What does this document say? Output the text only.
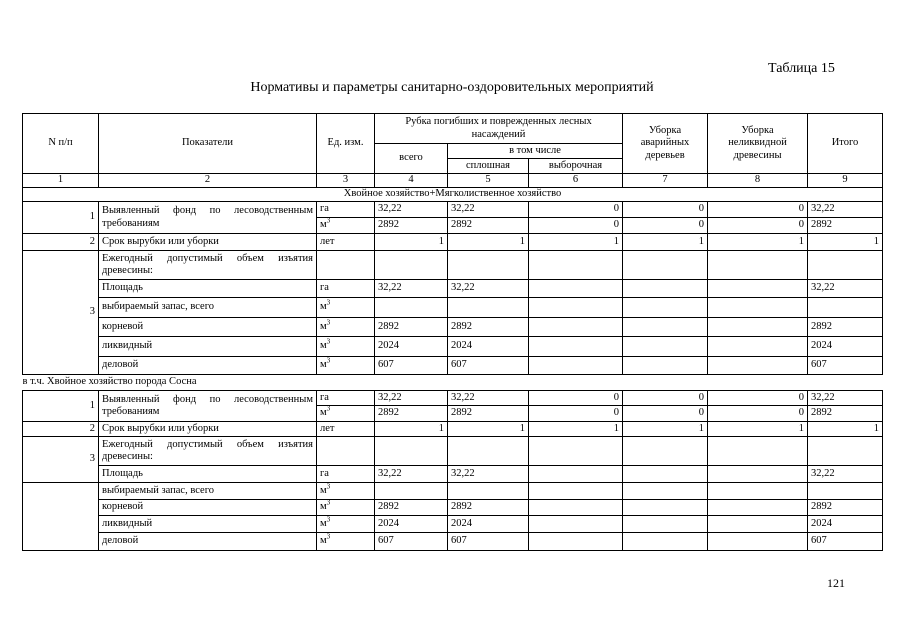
Таблица 15
Нормативы и параметры санитарно-оздоровительных мероприятий
N п/п	Показатели	Ед. изм.	Рубка погибших и поврежденных лесных насаждений			Уборка аварийных деревьев	Уборка неликвидной древесины	Итого
			всего	в том числе				
				сплошная	выборочная			
1	2	3	4	5	6	7	8	9
Хвойное хозяйство+Мягколиственное хозяйство								
1	Выявленный фонд по лесоводственным требованиям	га	32,22	32,22	0	0	0	32,22
		$м^3$	2892	2892	0	0	0	2892
2	Срок вырубки или уборки	лет	1	1	1	1	1	1
3	Ежегодный допустимый объем изъятия древесины:							
	Площадь	га	32,22	32,22				32,22
	выбираемый запас, всего	$м^3$						
	корневой	$м^3$	2892	2892				2892
	ликвидный	$м^3$	2024	2024				2024
	деловой	$м^3$	607	607				607
в т.ч. Хвойное хозяйство порода Сосна								
1	Выявленный фонд по лесоводственным требованиям	га	32,22	32,22	0	0	0	32,22
		$м^3$	2892	2892	0	0	0	2892
2	Срок вырубки или уборки	лет	1	1	1	1	1	1
3	Ежегодный допустимый объем изъятия древесины:							
	Площадь	га	32,22	32,22				32,22
	выбираемый запас, всего	$м^3$						
	корневой	$м^3$	2892	2892				2892
	ликвидный	$м^3$	2024	2024				2024
	деловой	$м^3$	607	607				607
121
